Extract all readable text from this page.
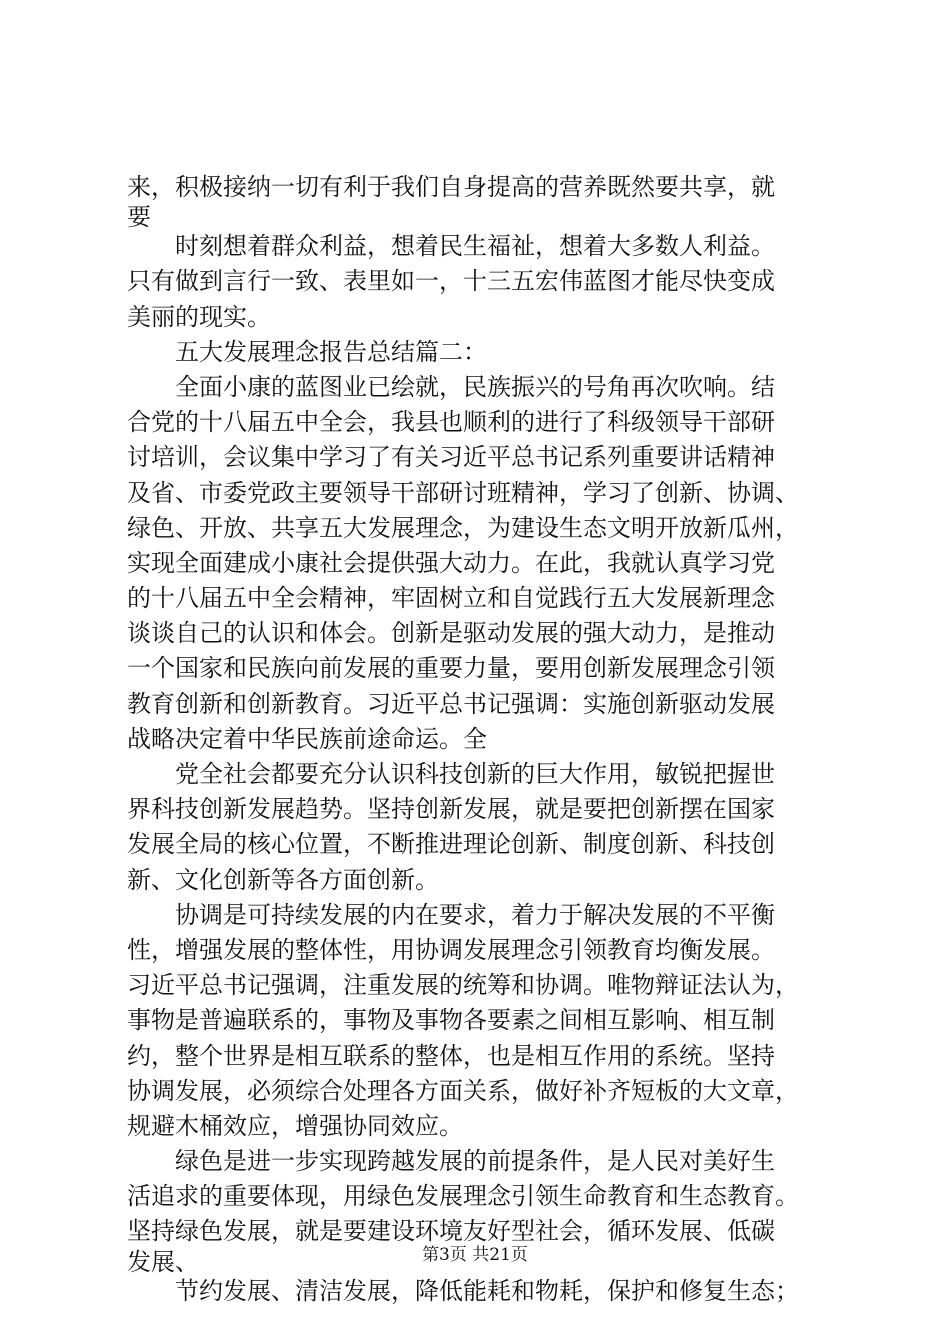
来，积极接纳一切有利于我们自身提高的营养既然要共享，就
要
时刻想着群众利益，想着民生福祉，想着大多数人利益。
只有做到言行一致、表里如一，十三五宏伟蓝图才能尽快变成
美丽的现实。
五大发展理念报告总结篇二：
全面小康的蓝图业已绘就，民族振兴的号角再次吹响。结
合党的十八届五中全会，我县也顺利的进行了科级领导干部研
讨培训，会议集中学习了有关习近平总书记系列重要讲话精神
及省、市委党政主要领导干部研讨班精神，学习了创新、协调、
绿色、开放、共享五大发展理念，为建设生态文明开放新瓜州，
实现全面建成小康社会提供强大动力。在此，我就认真学习党
的十八届五中全会精神，牢固树立和自觉践行五大发展新理念
谈谈自己的认识和体会。创新是驱动发展的强大动力，是推动
一个国家和民族向前发展的重要力量，要用创新发展理念引领
教育创新和创新教育。习近平总书记强调：实施创新驱动发展
战略决定着中华民族前途命运。全
党全社会都要充分认识科技创新的巨大作用，敏锐把握世
界科技创新发展趋势。坚持创新发展，就是要把创新摆在国家
发展全局的核心位置，不断推进理论创新、制度创新、科技创
新、文化创新等各方面创新。
协调是可持续发展的内在要求，着力于解决发展的不平衡
性，增强发展的整体性，用协调发展理念引领教育均衡发展。
习近平总书记强调，注重发展的统筹和协调。唯物辩证法认为，
事物是普遍联系的，事物及事物各要素之间相互影响、相互制
约，整个世界是相互联系的整体，也是相互作用的系统。坚持
协调发展，必须综合处理各方面关系，做好补齐短板的大文章，
规避木桶效应，增强协同效应。
绿色是进一步实现跨越发展的前提条件，是人民对美好生
活追求的重要体现，用绿色发展理念引领生命教育和生态教育。
坚持绿色发展，就是要建设环境友好型社会，循环发展、低碳
发展、
节约发展、清洁发展，降低能耗和物耗，保护和修复生态；
第3页 共21页
